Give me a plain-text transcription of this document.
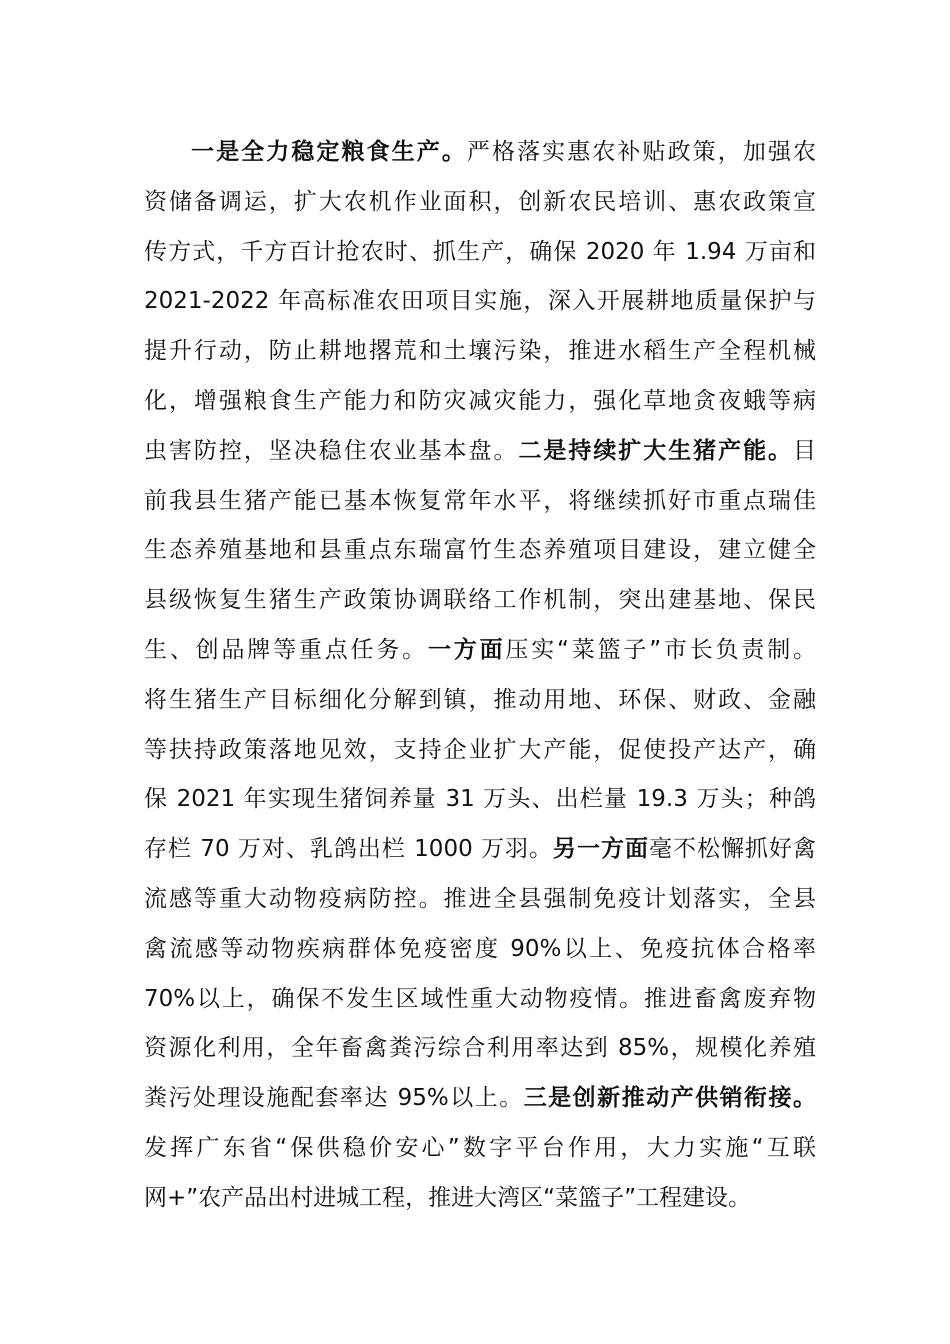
一是全力稳定粮食生产。严格落实惠农补贴政策，加强农
资储备调运，扩大农机作业面积，创新农民培训、惠农政策宣
传方式，千方百计抢农时、抓生产，确保 2020 年 1.94 万亩和
2021-2022 年高标准农田项目实施，深入开展耕地质量保护与
提升行动，防止耕地撂荒和土壤污染，推进水稻生产全程机械
化，增强粮食生产能力和防灾减灾能力，强化草地贪夜蛾等病
虫害防控，坚决稳住农业基本盘。二是持续扩大生猪产能。目
前我县生猪产能已基本恢复常年水平，将继续抓好市重点瑞佳
生态养殖基地和县重点东瑞富竹生态养殖项目建设，建立健全
县级恢复生猪生产政策协调联络工作机制，突出建基地、保民
生、创品牌等重点任务。一方面压实“菜篮子”市长负责制。
将生猪生产目标细化分解到镇，推动用地、环保、财政、金融
等扶持政策落地见效，支持企业扩大产能，促使投产达产，确
保 2021 年实现生猪饲养量 31 万头、出栏量 19.3 万头；种鸽
存栏 70 万对、乳鸽出栏 1000 万羽。另一方面毫不松懈抓好禽
流感等重大动物疫病防控。推进全县强制免疫计划落实，全县
禽流感等动物疾病群体免疫密度 90%以上、免疫抗体合格率
70%以上，确保不发生区域性重大动物疫情。推进畜禽废弃物
资源化利用，全年畜禽粪污综合利用率达到 85%，规模化养殖
粪污处理设施配套率达 95%以上。三是创新推动产供销衔接。
发挥广东省“保供稳价安心”数字平台作用，大力实施“互联
网+”农产品出村进城工程，推进大湾区“菜篮子”工程建设。
